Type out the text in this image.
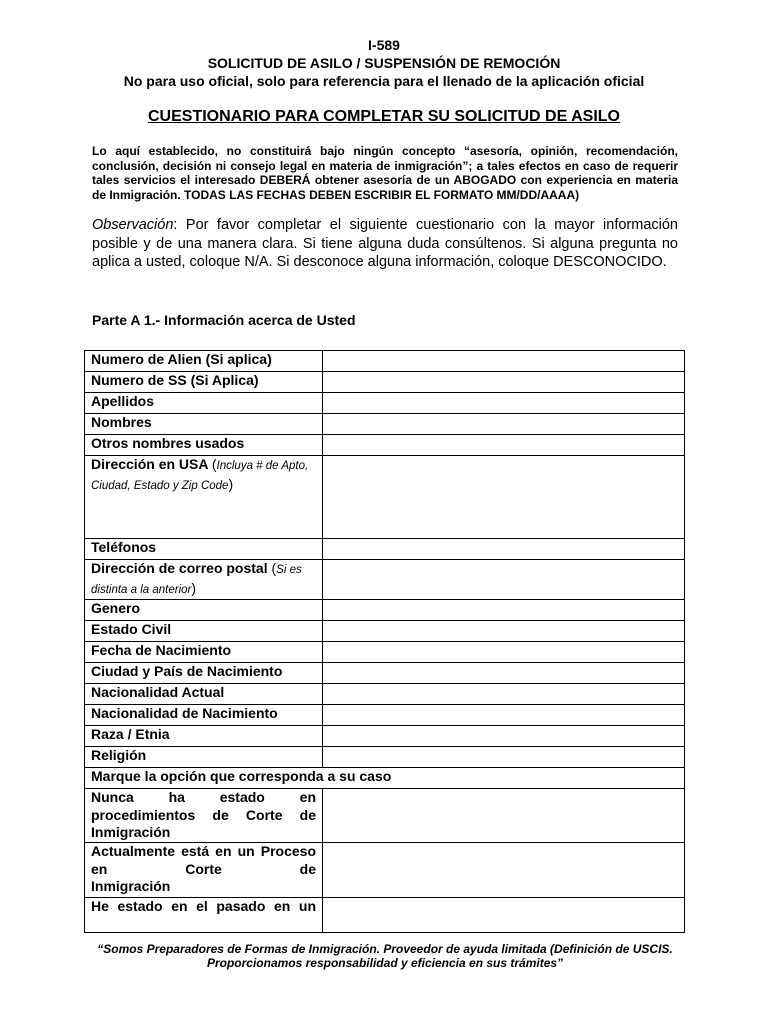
I-589
SOLICITUD DE ASILO / SUSPENSIÓN DE REMOCIÓN
No para uso oficial, solo para referencia para el llenado de la aplicación oficial
CUESTIONARIO PARA COMPLETAR SU SOLICITUD DE ASILO
Lo aquí establecido, no constituirá bajo ningún concepto “asesoría, opinión, recomendación, conclusión, decisión ni consejo legal en materia de inmigración”; a tales efectos en caso de requerir tales servicios el interesado DEBERÁ obtener asesoría de un ABOGADO con experiencia en materia de Inmigración. TODAS LAS FECHAS DEBEN ESCRIBIR EL FORMATO MM/DD/AAAA)
Observación: Por favor completar el siguiente cuestionario con la mayor información posible y de una manera clara. Si tiene alguna duda consúltenos. Si alguna pregunta no aplica a usted, coloque N/A. Si desconoce alguna información, coloque DESCONOCIDO.
Parte A 1.- Información acerca de Usted
Numero de Alien (Si aplica)	
Numero de SS (Si Aplica)	
Apellidos	
Nombres	
Otros nombres usados	
Dirección en USA (Incluya # de Apto, Ciudad, Estado y Zip Code)	
Teléfonos	
Dirección de correo postal (Si es distinta a la anterior)	
Genero	
Estado Civil	
Fecha de Nacimiento	
Ciudad y País de Nacimiento	
Nacionalidad Actual	
Nacionalidad de Nacimiento	
Raza / Etnia	
Religión	
Marque la opción que corresponda a su caso	
Nunca ha estado en procedimientos de Corte de
Inmigración	

Actualmente está en un Proceso en Corte de
Inmigración	

He estado en el pasado en un	
“Somos Preparadores de Formas de Inmigración. Proveedor de ayuda limitada (Definición de USCIS. Proporcionamos responsabilidad y eficiencia en sus trámites”
